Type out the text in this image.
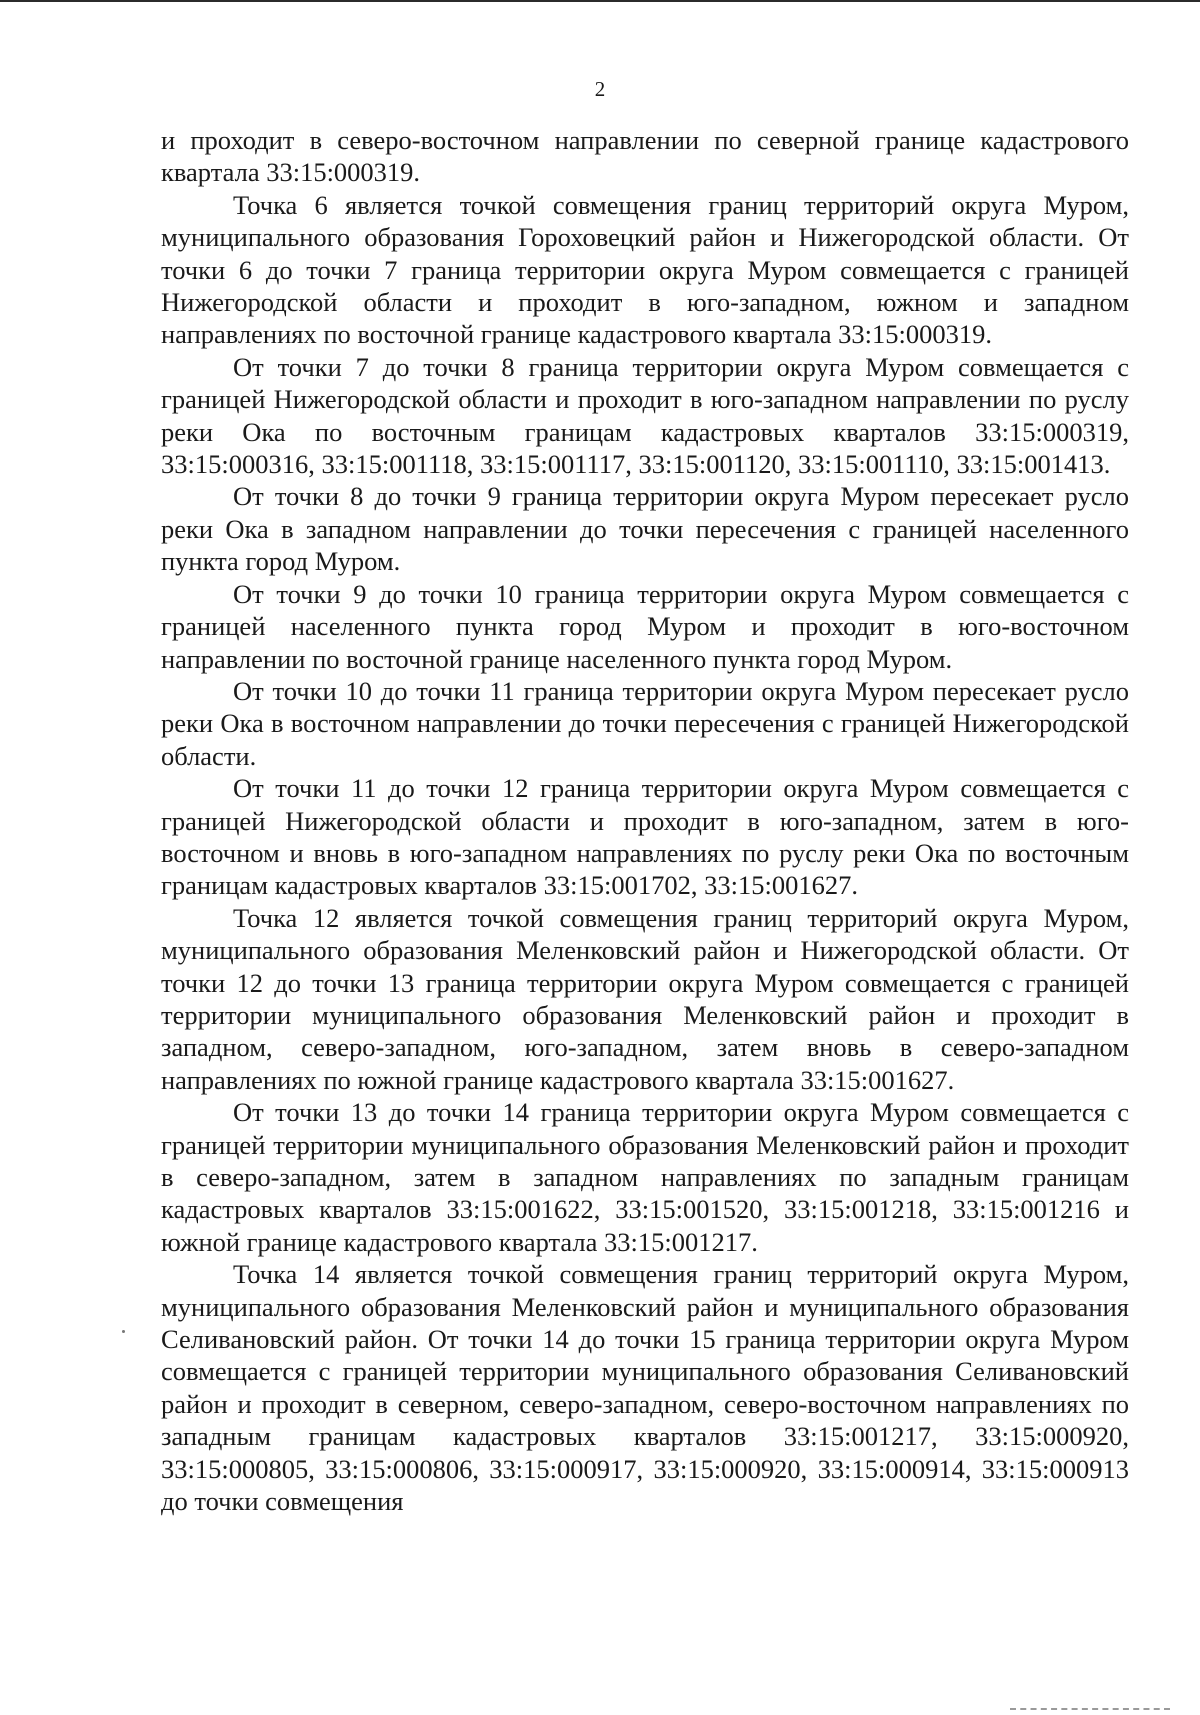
2

и проходит в северо-восточном направлении по северной границе кадастрового квартала 33:15:000319.

Точка 6 является точкой совмещения границ территорий округа Муром, муниципального образования Гороховецкий район и Нижегородской области. От точки 6 до точки 7 граница территории округа Муром совмещается с границей Нижегородской области и проходит в юго-западном, южном и западном направлениях по восточной границе кадастрового квартала 33:15:000319.

От точки 7 до точки 8 граница территории округа Муром совмещается с границей Нижегородской области и проходит в юго-западном направлении по руслу реки Ока по восточным границам кадастровых кварталов 33:15:000319, 33:15:000316, 33:15:001118, 33:15:001117, 33:15:001120, 33:15:001110, 33:15:001413.

От точки 8 до точки 9 граница территории округа Муром пересекает русло реки Ока в западном направлении до точки пересечения с границей населенного пункта город Муром.

От точки 9 до точки 10 граница территории округа Муром совмещается с границей населенного пункта город Муром и проходит в юго-восточном направлении по восточной границе населенного пункта город Муром.

От точки 10 до точки 11 граница территории округа Муром пересекает русло реки Ока в восточном направлении до точки пересечения с границей Нижегородской области.

От точки 11 до точки 12 граница территории округа Муром совмещается с границей Нижегородской области и проходит в юго-западном, затем в юго-восточном и вновь в юго-западном направлениях по руслу реки Ока по восточным границам кадастровых кварталов 33:15:001702, 33:15:001627.

Точка 12 является точкой совмещения границ территорий округа Муром, муниципального образования Меленковский район и Нижегородской области. От точки 12 до точки 13 граница территории округа Муром совмещается с границей территории муниципального образования Меленковский район и проходит в западном, северо-западном, юго-западном, затем вновь в северо-западном направлениях по южной границе кадастрового квартала 33:15:001627.

От точки 13 до точки 14 граница территории округа Муром совмещается с границей территории муниципального образования Меленковский район и проходит в северо-западном, затем в западном направлениях по западным границам кадастровых кварталов 33:15:001622, 33:15:001520, 33:15:001218, 33:15:001216 и южной границе кадастрового квартала 33:15:001217.

Точка 14 является точкой совмещения границ территорий округа Муром, муниципального образования Меленковский район и муниципального образования Селивановский район. От точки 14 до точки 15 граница территории округа Муром совмещается с границей территории муниципального образования Селивановский район и проходит в северном, северо-западном, северо-восточном направлениях по западным границам кадастровых кварталов 33:15:001217, 33:15:000920, 33:15:000805, 33:15:000806, 33:15:000917, 33:15:000920, 33:15:000914, 33:15:000913 до точки совмещения
